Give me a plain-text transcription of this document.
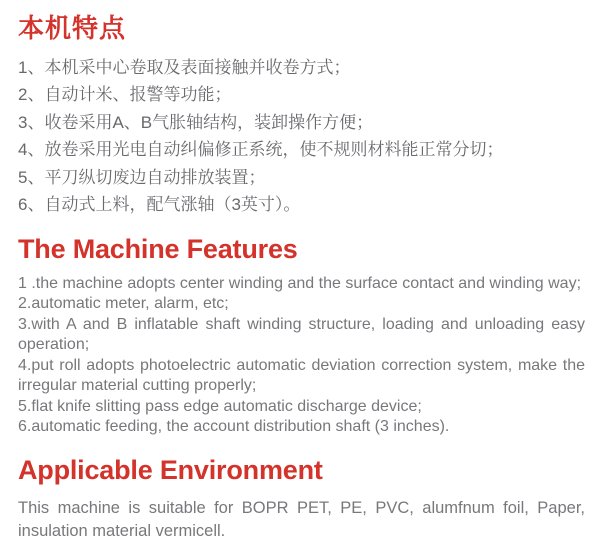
本机特点
1、本机采中心卷取及表面接触并收卷方式；
2、自动计米、报警等功能；
3、收卷采用A、B气胀轴结构，装卸操作方便；
4、放卷采用光电自动纠偏修正系统，使不规则材料能正常分切；
5、平刀纵切废边自动排放装置；
6、自动式上料，配气涨轴（3英寸）。
The Machine Features

1 .the machine adopts center winding and the surface contact and winding way;

2.automatic meter, alarm, etc;

3.with A and B inflatable shaft winding structure, loading and unloading easy operation;

4.put roll adopts photoelectric automatic deviation correction system, make the irregular material cutting properly;

5.flat knife slitting pass edge automatic discharge device;

6.automatic feeding, the account distribution shaft (3 inches).

Applicable Environment

This machine is suitable for BOPR PET, PE, PVC, alumfnum foil, Paper, insulation material vermicell.
